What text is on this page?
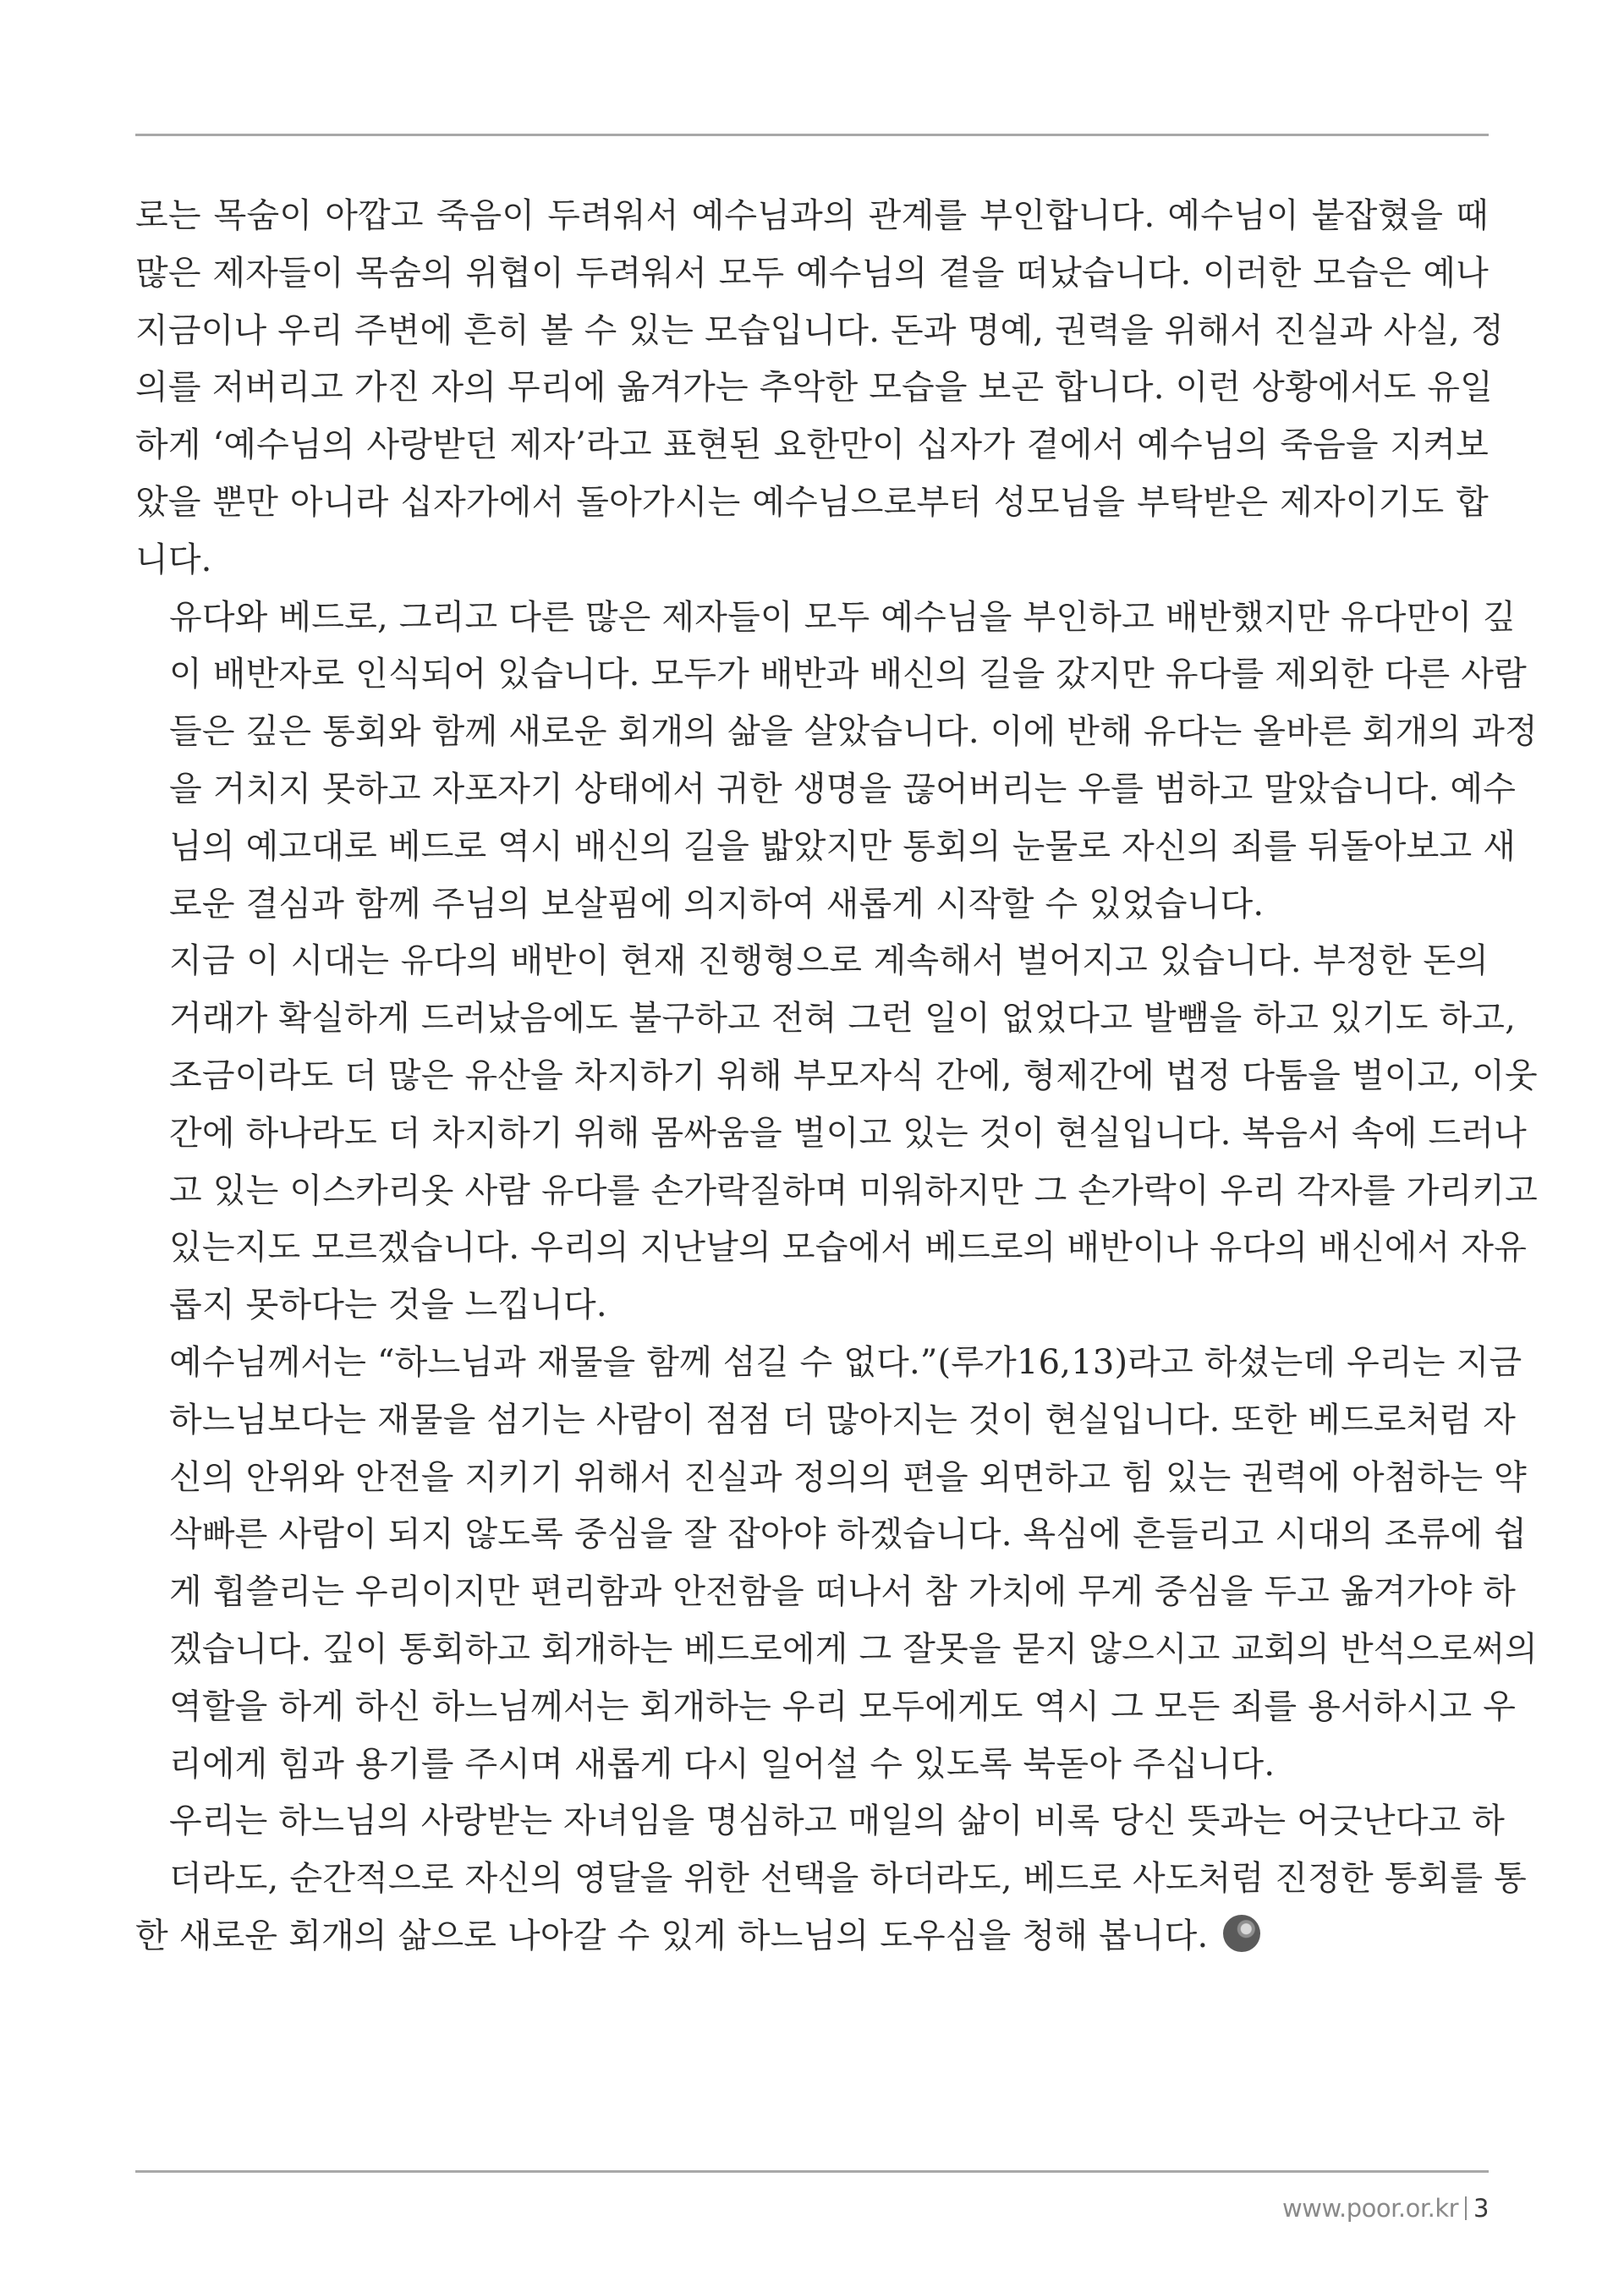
로는 목숨이 아깝고 죽음이 두려워서 예수님과의 관계를 부인합니다. 예수님이 붙잡혔을 때
많은 제자들이 목숨의 위협이 두려워서 모두 예수님의 곁을 떠났습니다. 이러한 모습은 예나
지금이나 우리 주변에 흔히 볼 수 있는 모습입니다. 돈과 명예, 권력을 위해서 진실과 사실, 정
의를 저버리고 가진 자의 무리에 옮겨가는 추악한 모습을 보곤 합니다. 이런 상황에서도 유일
하게 ‘예수님의 사랑받던 제자’라고 표현된 요한만이 십자가 곁에서 예수님의 죽음을 지켜보
았을 뿐만 아니라 십자가에서 돌아가시는 예수님으로부터 성모님을 부탁받은 제자이기도 합
니다.

유다와 베드로, 그리고 다른 많은 제자들이 모두 예수님을 부인하고 배반했지만 유다만이 깊
이 배반자로 인식되어 있습니다. 모두가 배반과 배신의 길을 갔지만 유다를 제외한 다른 사람
들은 깊은 통회와 함께 새로운 회개의 삶을 살았습니다. 이에 반해 유다는 올바른 회개의 과정
을 거치지 못하고 자포자기 상태에서 귀한 생명을 끊어버리는 우를 범하고 말았습니다. 예수
님의 예고대로 베드로 역시 배신의 길을 밟았지만 통회의 눈물로 자신의 죄를 뒤돌아보고 새
로운 결심과 함께 주님의 보살핌에 의지하여 새롭게 시작할 수 있었습니다.

지금 이 시대는 유다의 배반이 현재 진행형으로 계속해서 벌어지고 있습니다. 부정한 돈의
거래가 확실하게 드러났음에도 불구하고 전혀 그런 일이 없었다고 발뺌을 하고 있기도 하고,
조금이라도 더 많은 유산을 차지하기 위해 부모자식 간에, 형제간에 법정 다툼을 벌이고, 이웃
간에 하나라도 더 차지하기 위해 몸싸움을 벌이고 있는 것이 현실입니다. 복음서 속에 드러나
고 있는 이스카리옷 사람 유다를 손가락질하며 미워하지만 그 손가락이 우리 각자를 가리키고
있는지도 모르겠습니다. 우리의 지난날의 모습에서 베드로의 배반이나 유다의 배신에서 자유
롭지 못하다는 것을 느낍니다.

예수님께서는 “하느님과 재물을 함께 섬길 수 없다.”(루가16,13)라고 하셨는데 우리는 지금
하느님보다는 재물을 섬기는 사람이 점점 더 많아지는 것이 현실입니다. 또한 베드로처럼 자
신의 안위와 안전을 지키기 위해서 진실과 정의의 편을 외면하고 힘 있는 권력에 아첨하는 약
삭빠른 사람이 되지 않도록 중심을 잘 잡아야 하겠습니다. 욕심에 흔들리고 시대의 조류에 쉽
게 휩쓸리는 우리이지만 편리함과 안전함을 떠나서 참 가치에 무게 중심을 두고 옮겨가야 하
겠습니다. 깊이 통회하고 회개하는 베드로에게 그 잘못을 묻지 않으시고 교회의 반석으로써의
역할을 하게 하신 하느님께서는 회개하는 우리 모두에게도 역시 그 모든 죄를 용서하시고 우
리에게 힘과 용기를 주시며 새롭게 다시 일어설 수 있도록 북돋아 주십니다.

우리는 하느님의 사랑받는 자녀임을 명심하고 매일의 삶이 비록 당신 뜻과는 어긋난다고 하
더라도, 순간적으로 자신의 영달을 위한 선택을 하더라도, 베드로 사도처럼 진정한 통회를 통
한 새로운 회개의 삶으로 나아갈 수 있게 하느님의 도우심을 청해 봅니다.

www.poor.or.kr 3
